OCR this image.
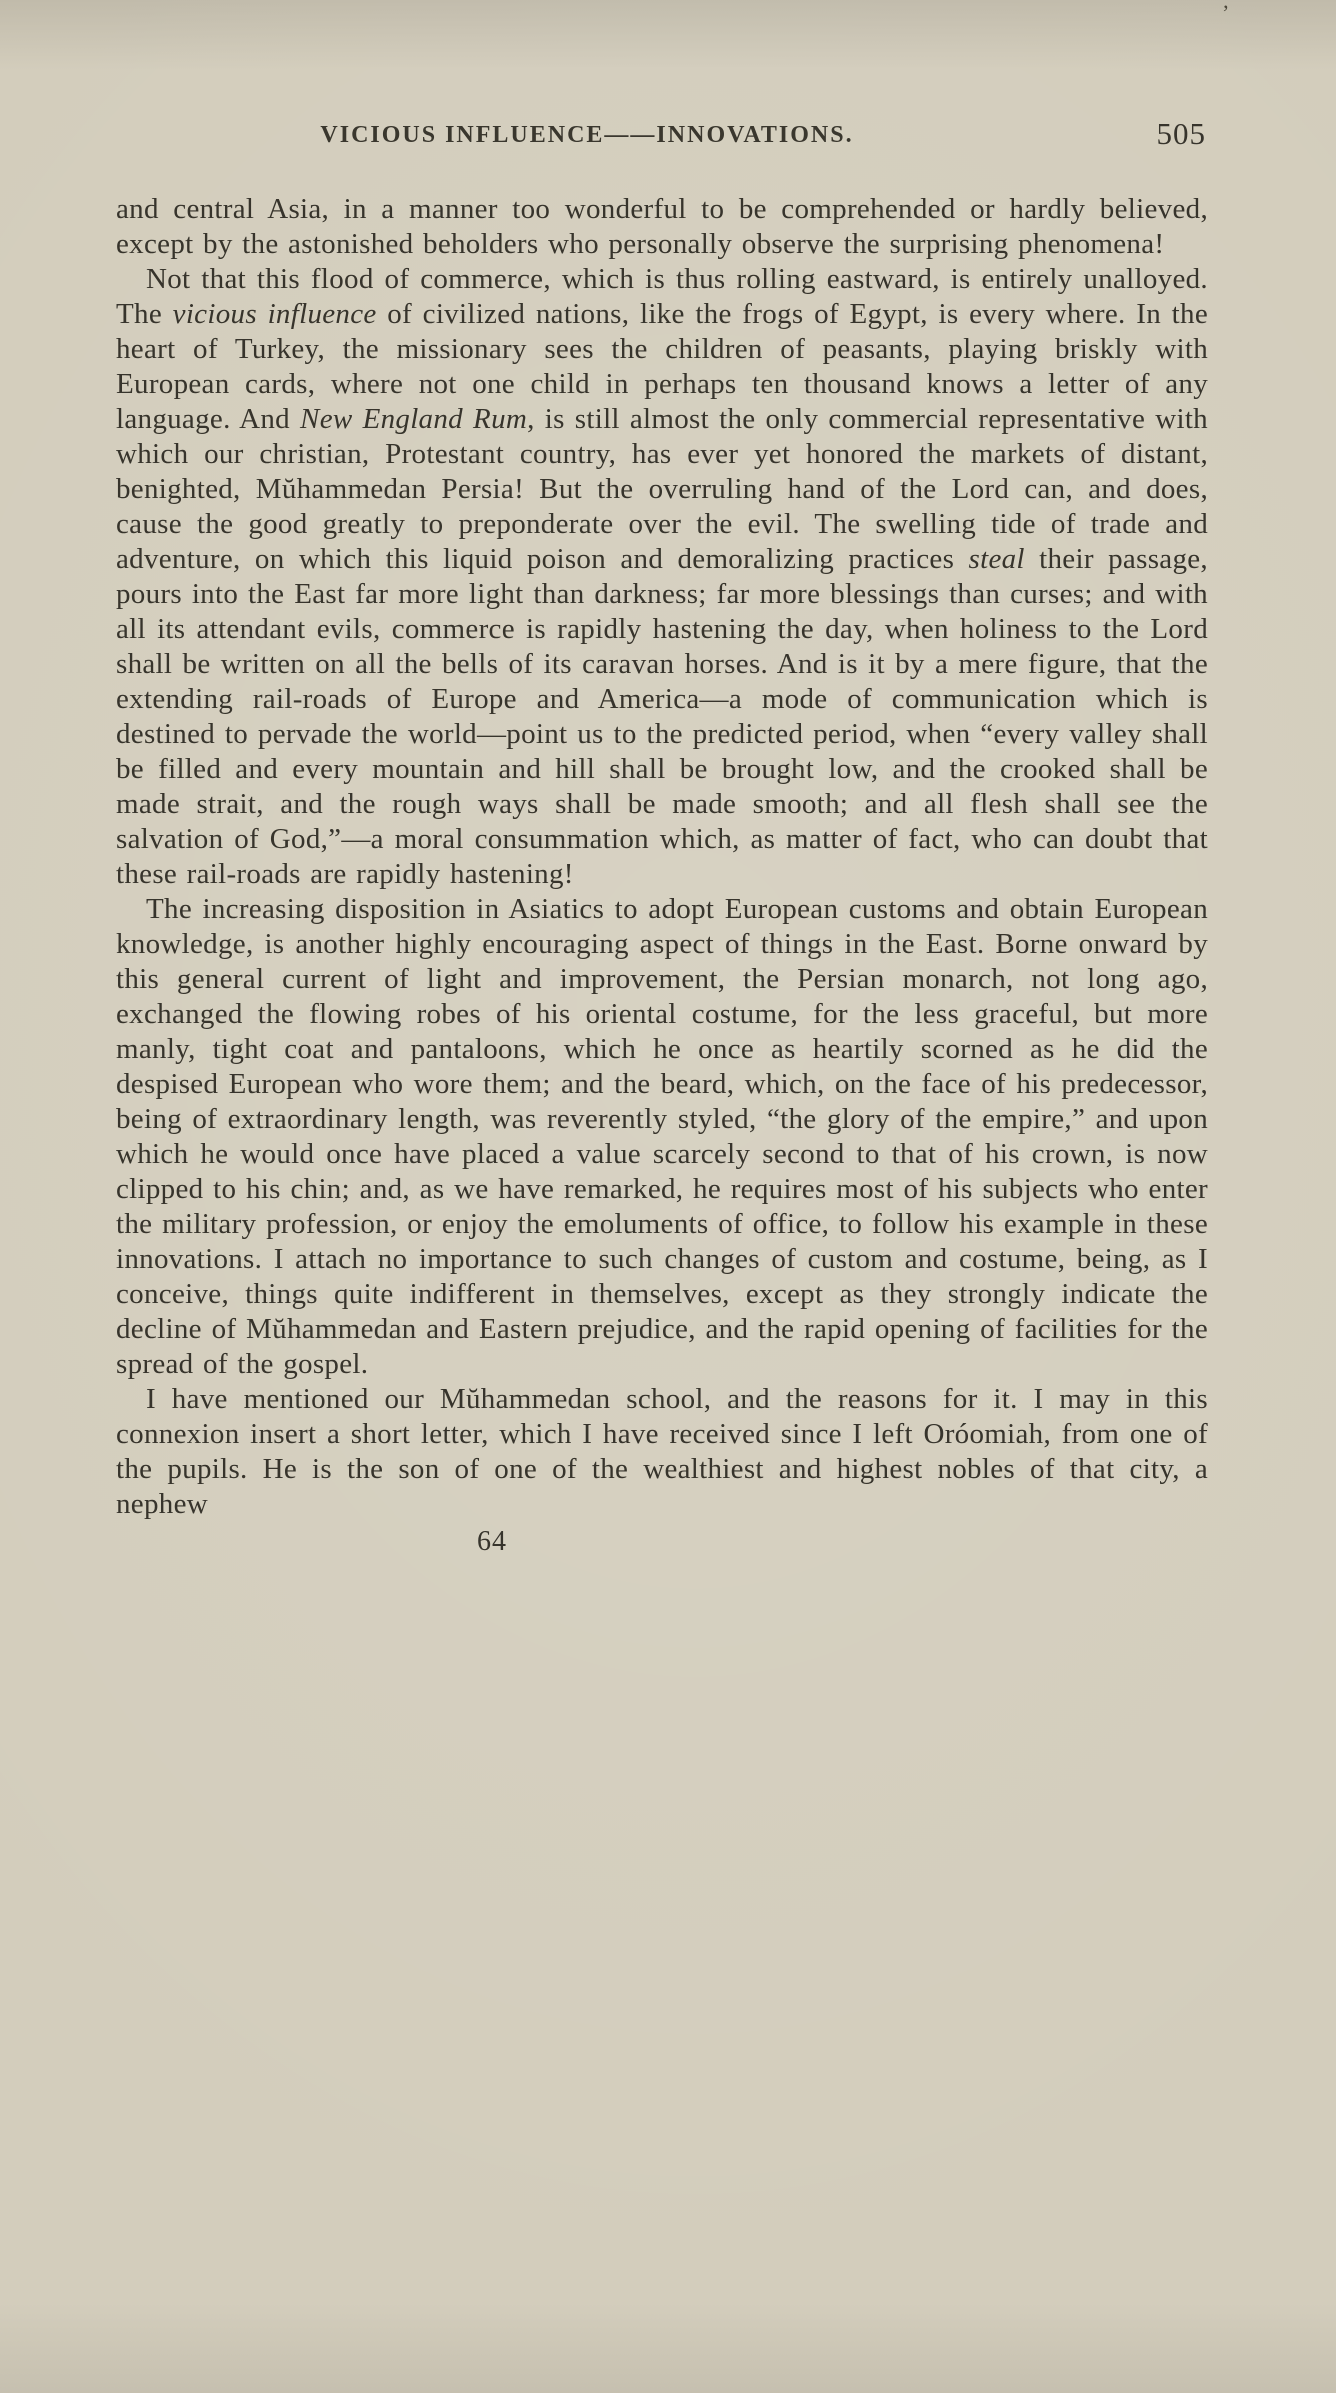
’
VICIOUS INFLUENCE——INNOVATIONS.	505

and central Asia, in a manner too wonderful to be comprehended or hardly believed, except by the astonished beholders who personally observe the surprising phenomena!

Not that this flood of commerce, which is thus rolling eastward, is entirely unalloyed. The vicious influence of civilized nations, like the frogs of Egypt, is every where. In the heart of Turkey, the missionary sees the children of peasants, playing briskly with European cards, where not one child in perhaps ten thousand knows a letter of any language. And New England Rum, is still almost the only commercial representative with which our christian, Protestant country, has ever yet honored the markets of distant, benighted, Mŭhammedan Persia! But the overruling hand of the Lord can, and does, cause the good greatly to preponderate over the evil. The swelling tide of trade and adventure, on which this liquid poison and demoralizing practices steal their passage, pours into the East far more light than darkness; far more blessings than curses; and with all its attendant evils, commerce is rapidly hastening the day, when holiness to the Lord shall be written on all the bells of its caravan horses. And is it by a mere figure, that the extending rail-roads of Europe and America—a mode of communication which is destined to pervade the world—point us to the predicted period, when “every valley shall be filled and every mountain and hill shall be brought low, and the crooked shall be made strait, and the rough ways shall be made smooth; and all flesh shall see the salvation of God,”—a moral consummation which, as matter of fact, who can doubt that these rail-roads are rapidly hastening!

The increasing disposition in Asiatics to adopt European customs and obtain European knowledge, is another highly encouraging aspect of things in the East. Borne onward by this general current of light and improvement, the Persian monarch, not long ago, exchanged the flowing robes of his oriental costume, for the less graceful, but more manly, tight coat and pantaloons, which he once as heartily scorned as he did the despised European who wore them; and the beard, which, on the face of his predecessor, being of extraordinary length, was reverently styled, “the glory of the empire,” and upon which he would once have placed a value scarcely second to that of his crown, is now clipped to his chin; and, as we have remarked, he requires most of his subjects who enter the military profession, or enjoy the emoluments of office, to follow his example in these innovations. I attach no importance to such changes of custom and costume, being, as I conceive, things quite indifferent in themselves, except as they strongly indicate the decline of Mŭhammedan and Eastern prejudice, and the rapid opening of facilities for the spread of the gospel.

I have mentioned our Mŭhammedan school, and the reasons for it. I may in this connexion insert a short letter, which I have received since I left Oróomiah, from one of the pupils. He is the son of one of the wealthiest and highest nobles of that city, a nephew

64
